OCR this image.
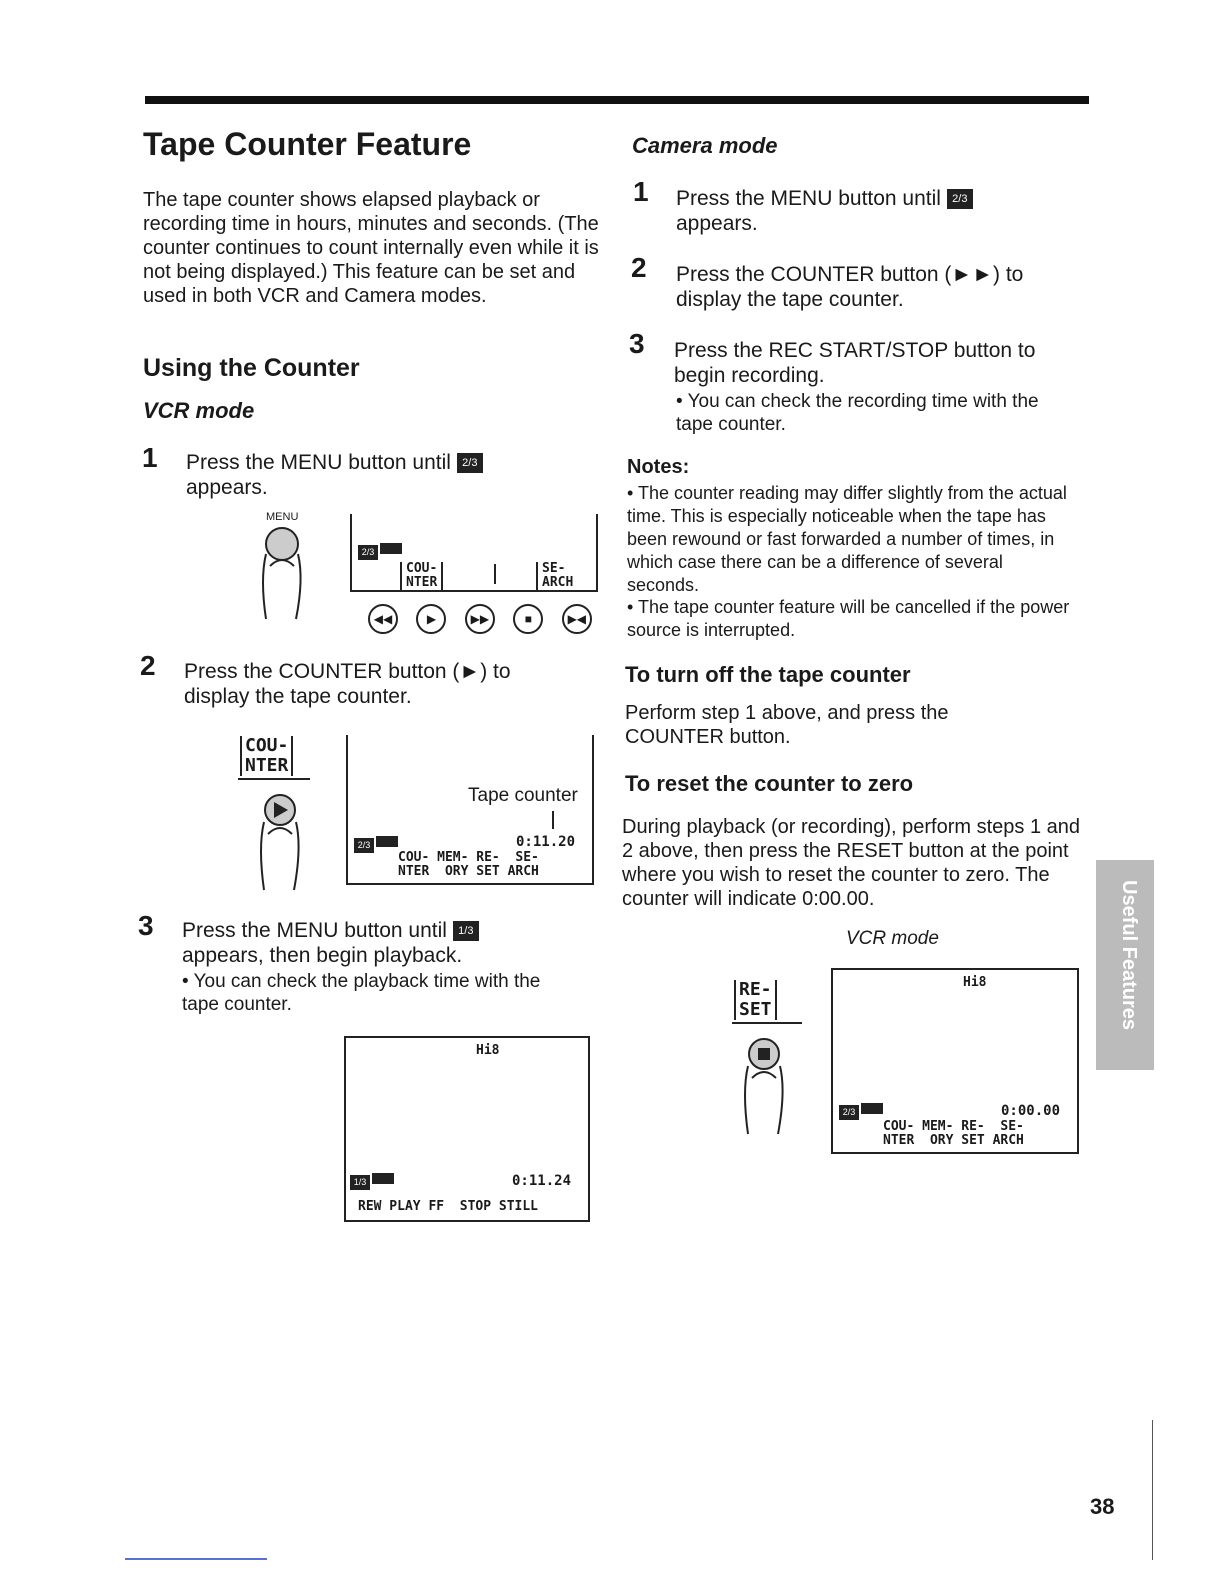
Tape Counter Feature

The tape counter shows elapsed playback or recording time in hours, minutes and seconds. (The counter continues to count internally even while it is not being displayed.) This feature can be set and used in both VCR and Camera modes.

Using the Counter
VCR mode
1 Press the MENU button until 2/3
appears.
MENU
2/3
COU-
NTER
SE-
ARCH
◀◀	▶	▶▶	■	▶◀
2 Press the COUNTER button (►) to display the tape counter.
COU-
NTER
Tape counter
2/3	0:11.20
COU- MEM- RE-  SE-
NTER  ORY SET ARCH
3 Press the MENU button until 1/3
appears, then begin playback.
• You can check the playback time with the tape counter.
Hi8
1/3	0:11.24
REW PLAY FF  STOP STILL
Camera mode
1 Press the MENU button until 2/3
appears.
2 Press the COUNTER button (►►) to display the tape counter.
3 Press the REC START/STOP button to begin recording.
• You can check the recording time with the tape counter.
Notes:
• The counter reading may differ slightly from the actual time. This is especially noticeable when the tape has been rewound or fast forwarded a number of times, in which case there can be a difference of several seconds.
• The tape counter feature will be cancelled if the power source is interrupted.
To turn off the tape counter

Perform step 1 above, and press the COUNTER button.

To reset the counter to zero

During playback (or recording), perform steps 1 and 2 above, then press the RESET button at the point where you wish to reset the counter to zero. The counter will indicate 0:00.00.

VCR mode
RE-
SET
Hi8
2/3	0:00.00
COU- MEM- RE-  SE-
NTER  ORY SET ARCH
Useful Features
38
